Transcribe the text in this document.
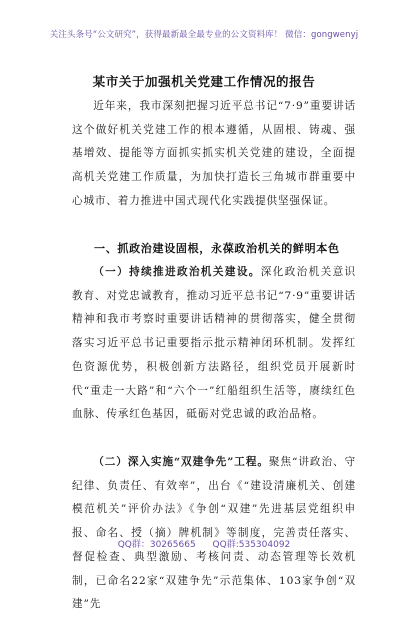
关注头条号“公文研究”，获得最新最全最专业的公文资料库！ 微信：gongwenyj
某市关于加强机关党建工作情况的报告
近年来，我市深刻把握习近平总书记“7·9”重要讲话这个做好机关党建工作的根本遵循，从固根、铸魂、强基增效、提能等方面抓实抓实机关党建的建设，全面提高机关党建工作质量，为加快打造长三角城市群重要中心城市、着力推进中国式现代化实践提供坚强保证。
一、抓政治建设固根，永葆政治机关的鲜明本色
（一）持续推进政治机关建设。深化政治机关意识教育、对党忠诚教育，推动习近平总书记“7·9”重要讲话精神和我市考察时重要讲话精神的贯彻落实，健全贯彻落实习近平总书记重要指示批示精神闭环机制。发挥红色资源优势，积极创新方法路径，组织党员开展新时代“重走一大路”和“六个一”红船组织生活等，赓续红色血脉、传承红色基因，砥砺对党忠诚的政治品格。
（二）深入实施“双建争先”工程。聚焦“讲政治、守纪律、负责任、有效率”，出台《“建设清廉机关、创建模范机关”评价办法》《争创“双建”先进基层党组织申报、命名、授（摘）牌机制》等制度，完善责任落实、督促检查、典型激励、考核问责、动态管理等长效机制，已命名22家“双建争先”示范集体、103家争创“双建”先
QQ群：30265665 QQ群:535304092
